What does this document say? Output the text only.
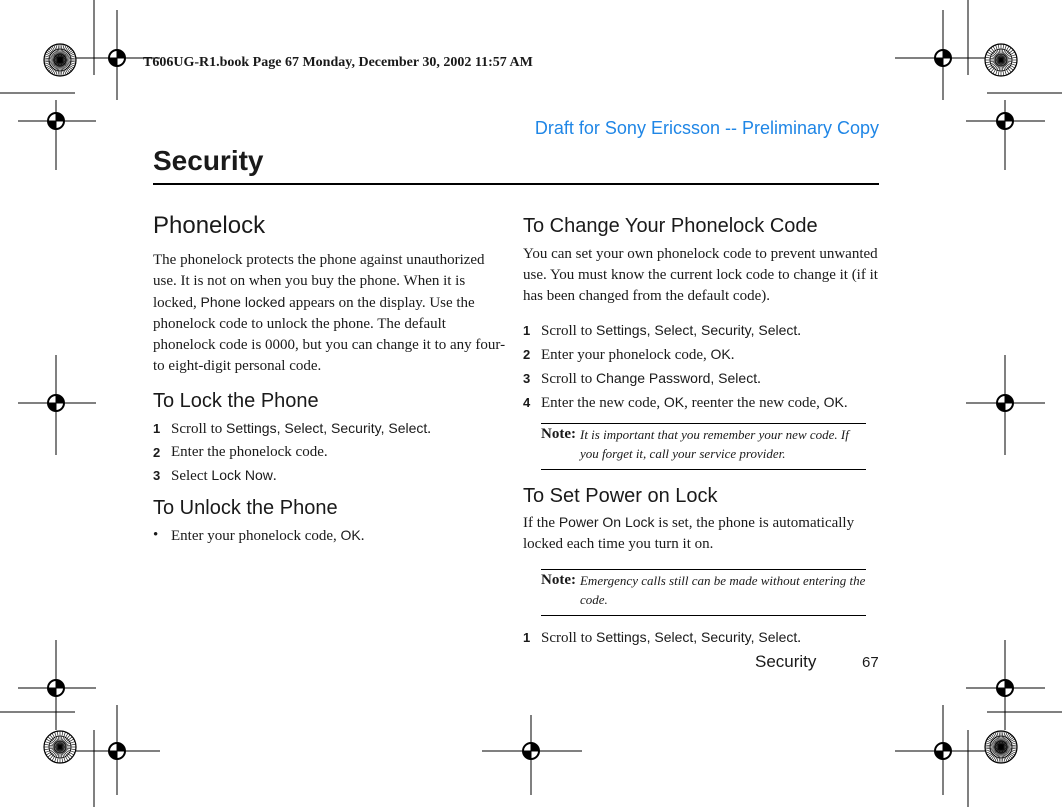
T606UG-R1.book Page 67 Monday, December 30, 2002 11:57 AM
Draft for Sony Ericsson -- Preliminary Copy
Security
Phonelock

The phonelock protects the phone against unauthorized use. It is not on when you buy the phone. When it is locked, Phone locked appears on the display. Use the phonelock code to unlock the phone. The default phonelock code is 0000, but you can change it to any four- to eight-digit personal code.

To Lock the Phone
1 Scroll to Settings, Select, Security, Select.
2 Enter the phonelock code.
3 Select Lock Now.
To Unlock the Phone
• Enter your phonelock code, OK.
To Change Your Phonelock Code

You can set your own phonelock code to prevent unwanted use. You must know the current lock code to change it (if it has been changed from the default code).

1 Scroll to Settings, Select, Security, Select.
2 Enter your phonelock code, OK.
3 Scroll to Change Password, Select.
4 Enter the new code, OK, reenter the new code, OK.
Note: It is important that you remember your new code. If you forget it, call your service provider.
To Set Power on Lock

If the Power On Lock is set, the phone is automatically locked each time you turn it on.

Note: Emergency calls still can be made without entering the code.
1 Scroll to Settings, Select, Security, Select.
Security	67
